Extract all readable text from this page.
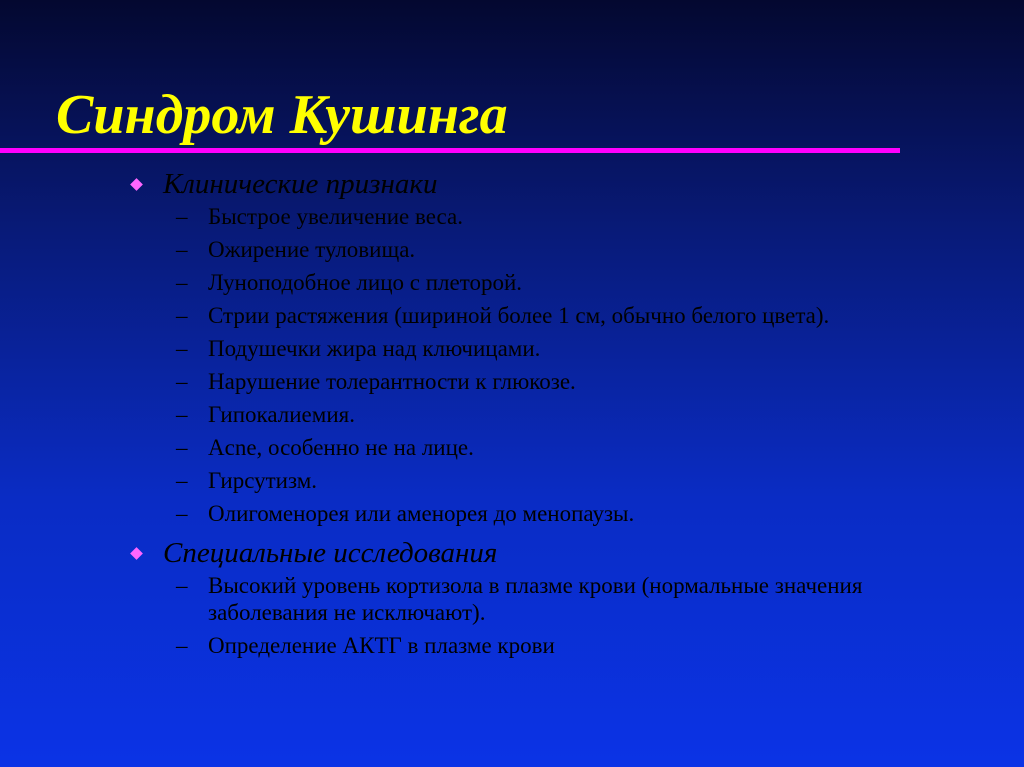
Синдром Кушинга
Клинические признаки
– Быстрое увеличение веса.
– Ожирение туловища.
– Луноподобное лицо с плеторой.
– Стрии растяжения (шириной более 1 см, обычно белого цвета).
– Подушечки жира над ключицами.
– Нарушение толерантности к глюкозе.
– Гипокалиемия.
– Acne, особенно не на лице.
– Гирсутизм.
– Олигоменорея или аменорея до менопаузы.
Специальные исследования
– Высокий уровень кортизола в плазме крови (нормальные значения заболевания не исключают).
– Определение АКТГ в плазме крови
